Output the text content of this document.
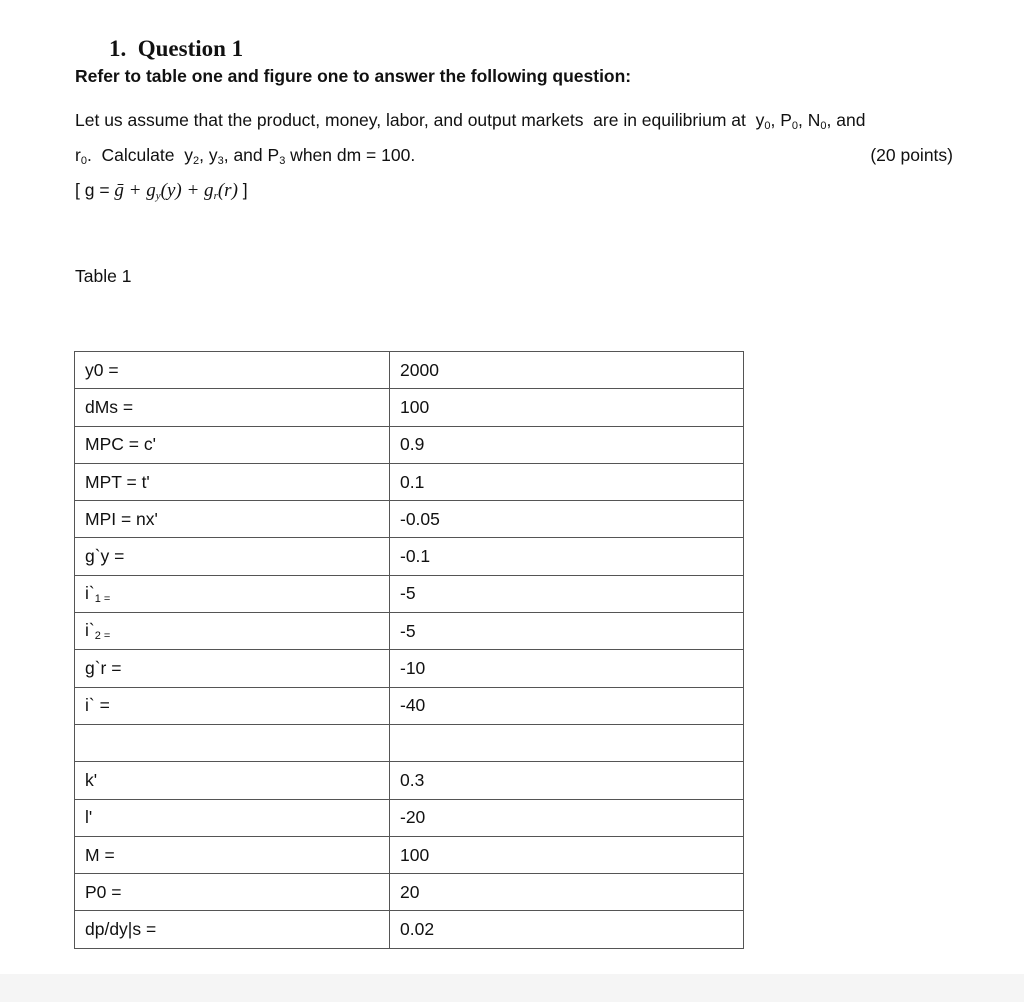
1.  Question 1
Refer to table one and figure one to answer the following question:
Let us assume that the product, money, labor, and output markets  are in equilibrium at  $y_0$, $P_0$, $N_0$, and
$r_0$.  Calculate  $y_2$, $y_3$, and $P_3$ when dm = 100.	(20 points)
[ g = ḡ + $g_y(y) + g_r(r)$ ]
Table 1
y0 =	2000
dMs =	100
MPC = c'	0.9
MPT = t'	0.1
MPI = nx'	-0.05
g`y =	-0.1
i`1 =	-5
i`2 =	-5
g`r =	-10
i` =	-40

k'	0.3
l'	-20
M =	100
P0 =	20
dp/dy|s =	0.02
